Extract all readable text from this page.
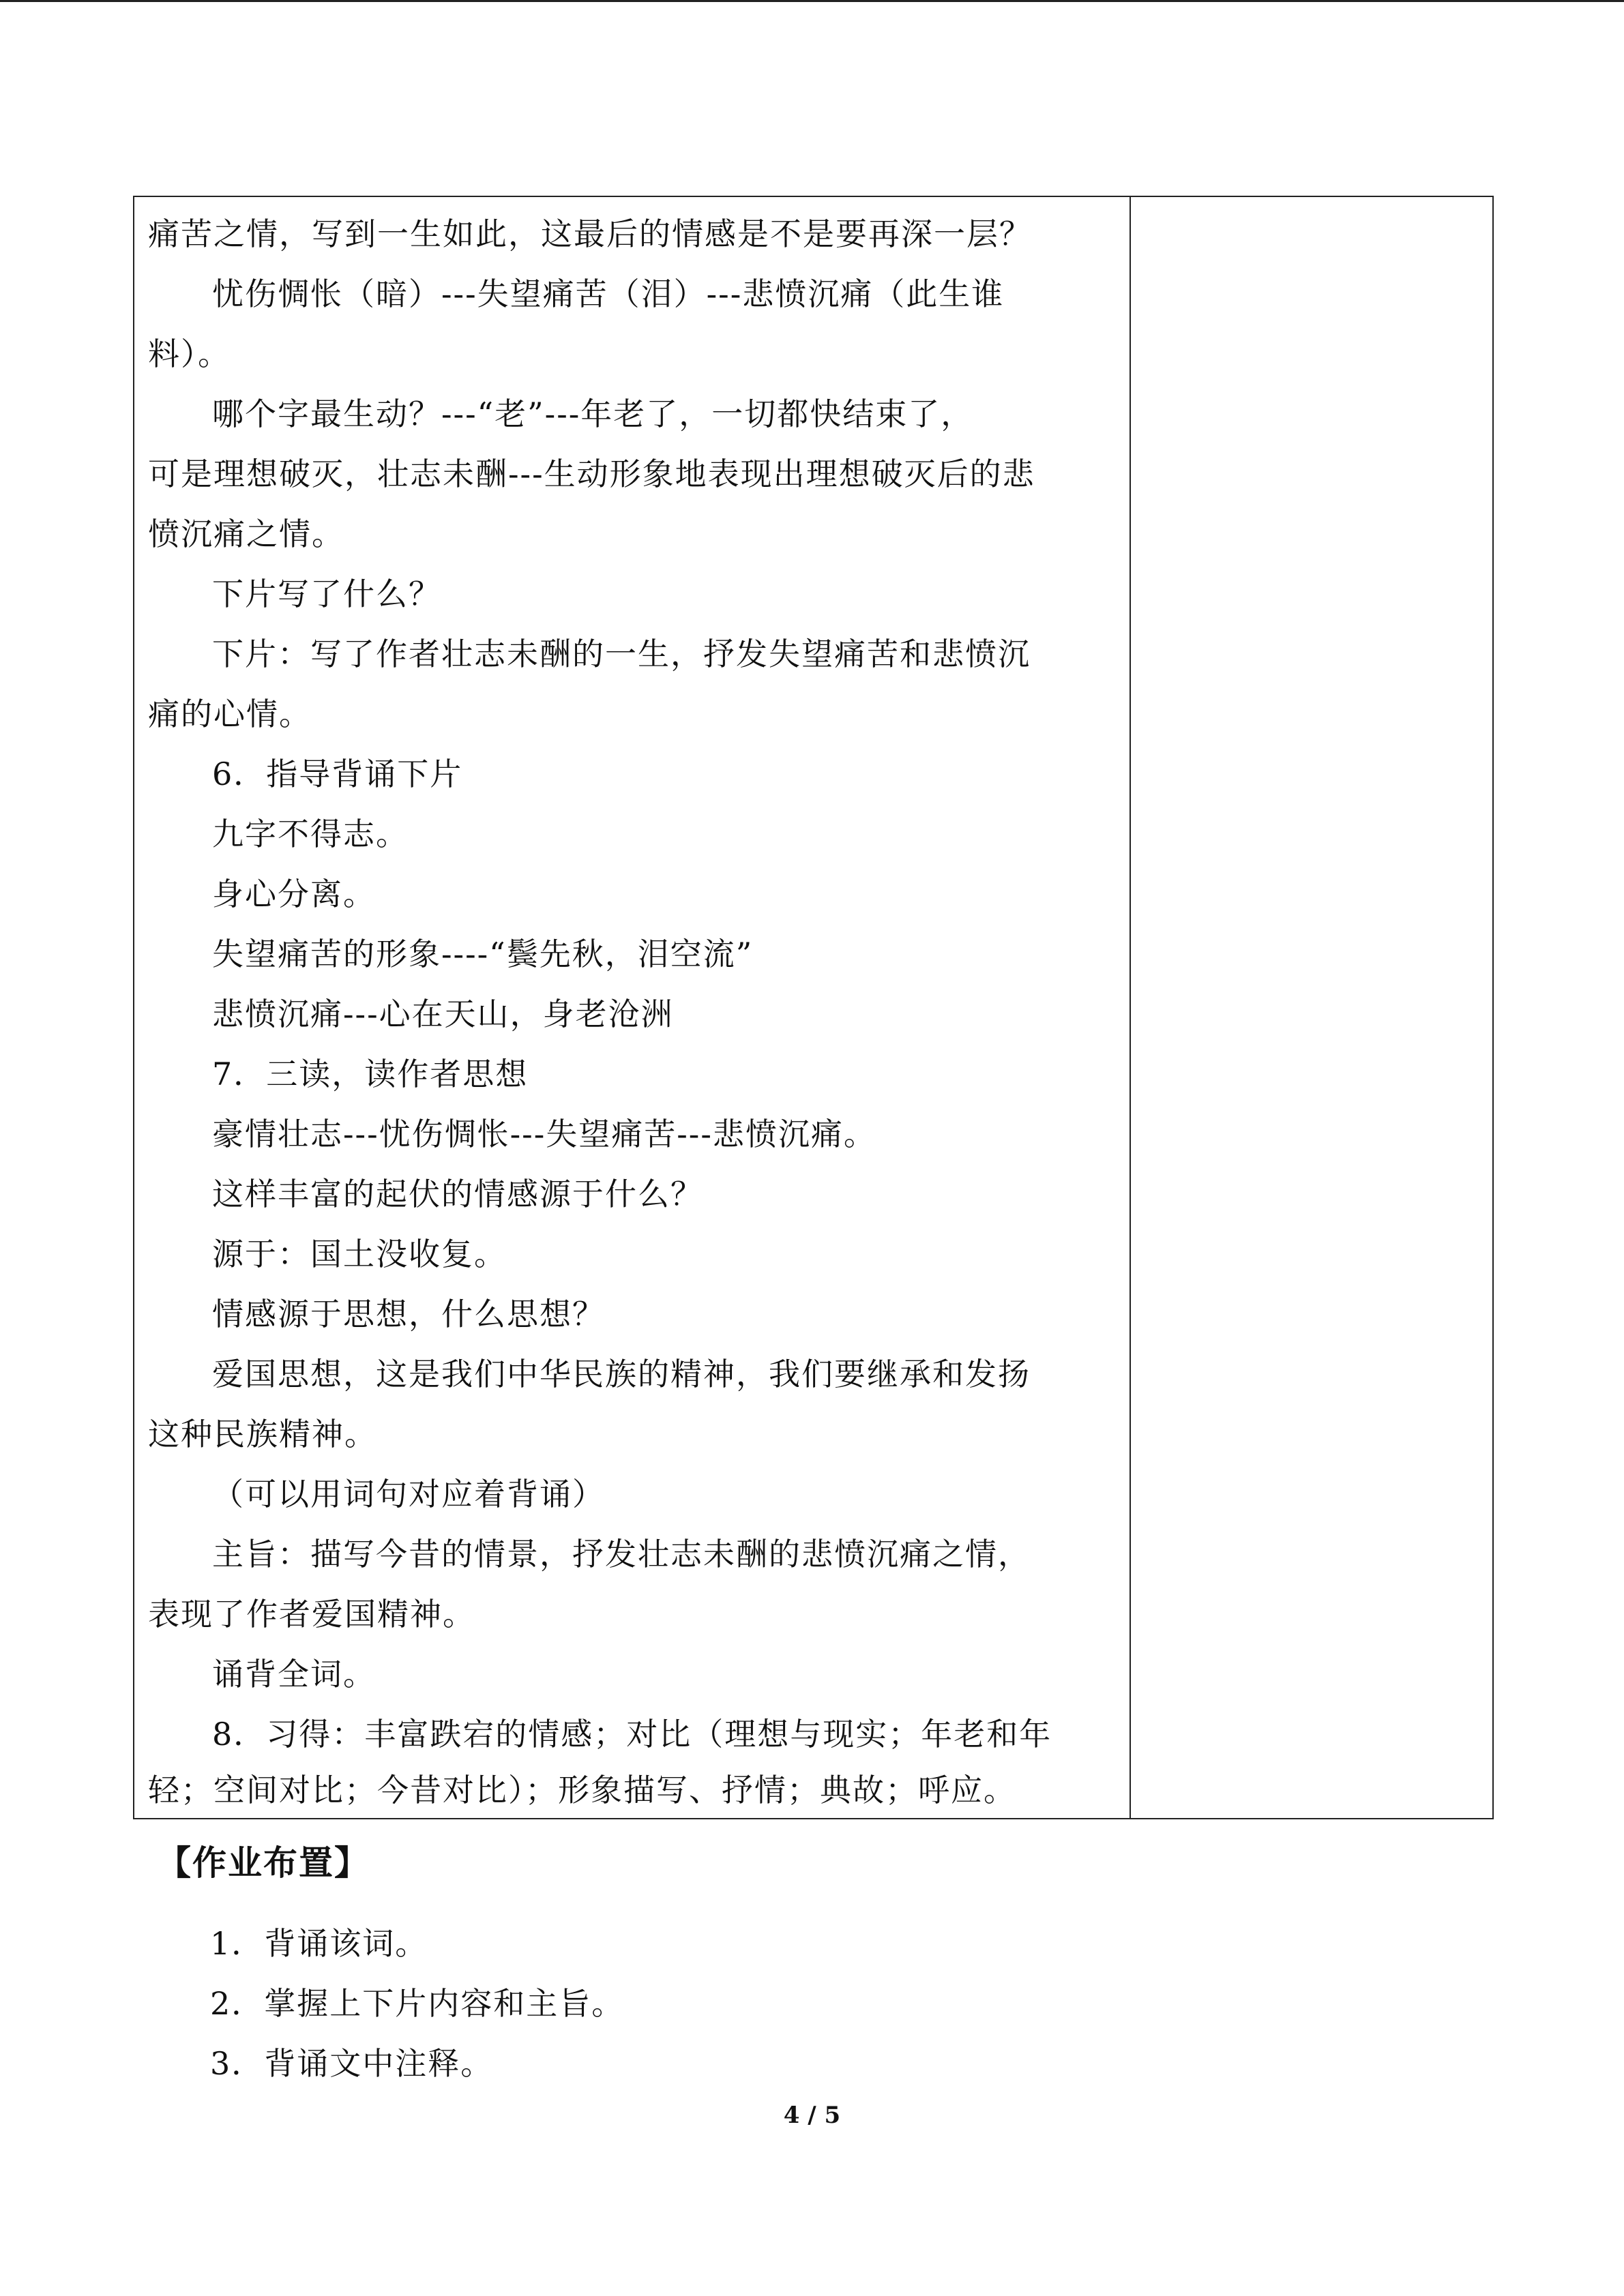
痛苦之情，写到一生如此，这最后的情感是不是要再深一层？
忧伤惆怅（暗）---失望痛苦（泪）---悲愤沉痛（此生谁
料）。
哪个字最生动？---“老”---年老了，一切都快结束了，
可是理想破灭，壮志未酬---生动形象地表现出理想破灭后的悲
愤沉痛之情。
下片写了什么？
下片：写了作者壮志未酬的一生，抒发失望痛苦和悲愤沉
痛的心情。
6．指导背诵下片
九字不得志。
身心分离。
失望痛苦的形象----“鬓先秋，泪空流”
悲愤沉痛---心在天山，身老沧洲
7．三读，读作者思想
豪情壮志---忧伤惆怅---失望痛苦---悲愤沉痛。
这样丰富的起伏的情感源于什么？
源于：国土没收复。
情感源于思想，什么思想？
爱国思想，这是我们中华民族的精神，我们要继承和发扬
这种民族精神。
（可以用词句对应着背诵）
主旨：描写今昔的情景，抒发壮志未酬的悲愤沉痛之情，
表现了作者爱国精神。
诵背全词。
8．习得：丰富跌宕的情感；对比（理想与现实；年老和年
轻；空间对比；今昔对比）；形象描写、抒情；典故；呼应。
【作业布置】
1．背诵该词。
2．掌握上下片内容和主旨。
3．背诵文中注释。
4 / 5
